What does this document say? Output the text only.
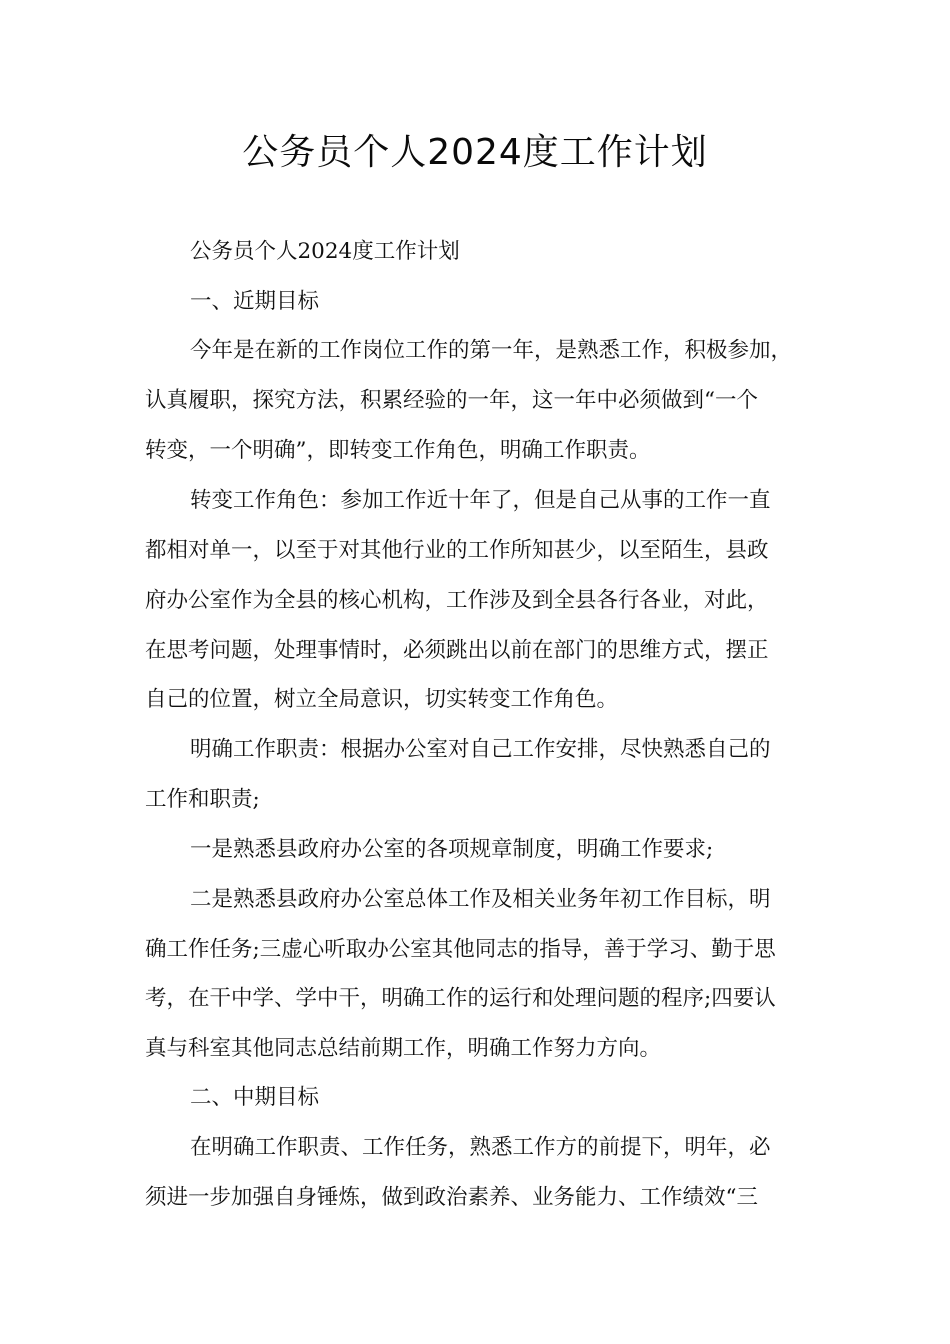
公务员个人2024度工作计划

公务员个人2024度工作计划

一、近期目标

今年是在新的工作岗位工作的第一年，是熟悉工作，积极参加，

认真履职，探究方法，积累经验的一年，这一年中必须做到“一个

转变，一个明确”，即转变工作角色，明确工作职责。

转变工作角色：参加工作近十年了，但是自己从事的工作一直

都相对单一，以至于对其他行业的工作所知甚少，以至陌生，县政

府办公室作为全县的核心机构，工作涉及到全县各行各业，对此，

在思考问题，处理事情时，必须跳出以前在部门的思维方式，摆正

自己的位置，树立全局意识，切实转变工作角色。

明确工作职责：根据办公室对自己工作安排，尽快熟悉自己的

工作和职责;

一是熟悉县政府办公室的各项规章制度，明确工作要求;

二是熟悉县政府办公室总体工作及相关业务年初工作目标，明

确工作任务;三虚心听取办公室其他同志的指导，善于学习、勤于思

考，在干中学、学中干，明确工作的运行和处理问题的程序;四要认

真与科室其他同志总结前期工作，明确工作努力方向。

二、中期目标

在明确工作职责、工作任务，熟悉工作方的前提下，明年，必

须进一步加强自身锤炼，做到政治素养、业务能力、工作绩效“三
